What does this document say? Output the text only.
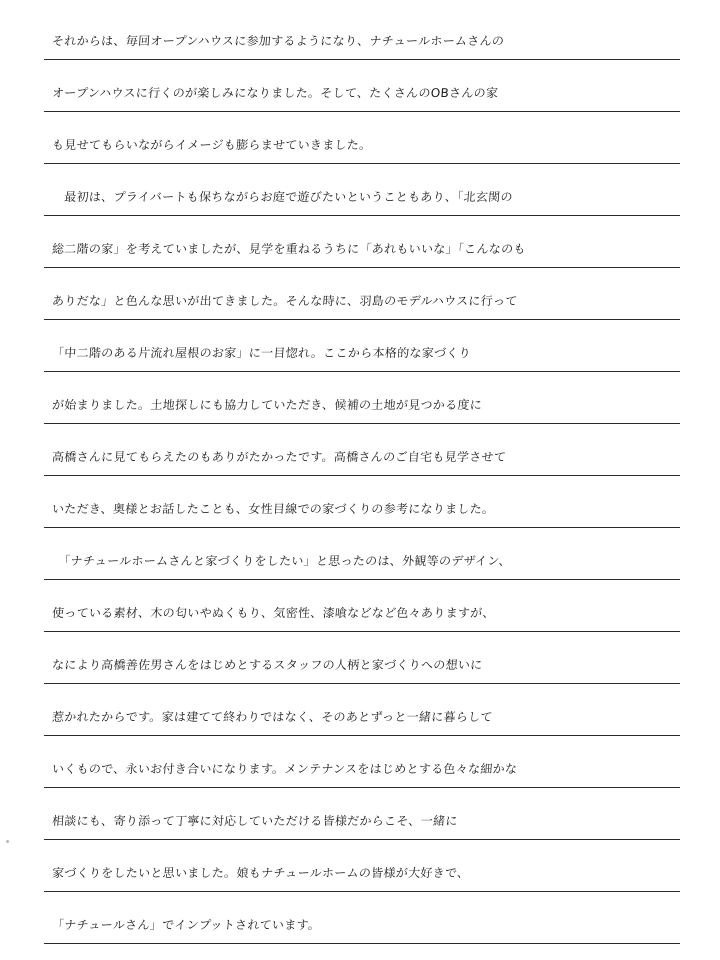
それからは、毎回オープンハウスに参加するようになり、ナチュールホームさんの
オープンハウスに行くのが楽しみになりました。そして、たくさんのOBさんの家
も見せてもらいながらイメージも膨らませていきました。
　最初は、プライバートも保ちながらお庭で遊びたいということもあり、「北玄関の
総二階の家」を考えていましたが、見学を重ねるうちに「あれもいいな」「こんなのも
ありだな」と色んな思いが出てきました。そんな時に、羽島のモデルハウスに行って
「中二階のある片流れ屋根のお家」に一目惚れ。ここから本格的な家づくり
が始まりました。土地探しにも協力していただき、候補の土地が見つかる度に
高橋さんに見てもらえたのもありがたかったです。高橋さんのご自宅も見学させて
いただき、奥様とお話したことも、女性目線での家づくりの参考になりました。
　「ナチュールホームさんと家づくりをしたい」と思ったのは、外観等のデザイン、
使っている素材、木の匂いやぬくもり、気密性、漆喰などなど色々ありますが、
なにより高橋善佐男さんをはじめとするスタッフの人柄と家づくりへの想いに
惹かれたからです。家は建てて終わりではなく、そのあとずっと一緒に暮らして
いくもので、永いお付き合いになります。メンテナンスをはじめとする色々な細かな
相談にも、寄り添って丁寧に対応していただける皆様だからこそ、一緒に
家づくりをしたいと思いました。娘もナチュールホームの皆様が大好きで、
「ナチュールさん」でインプットされています。
